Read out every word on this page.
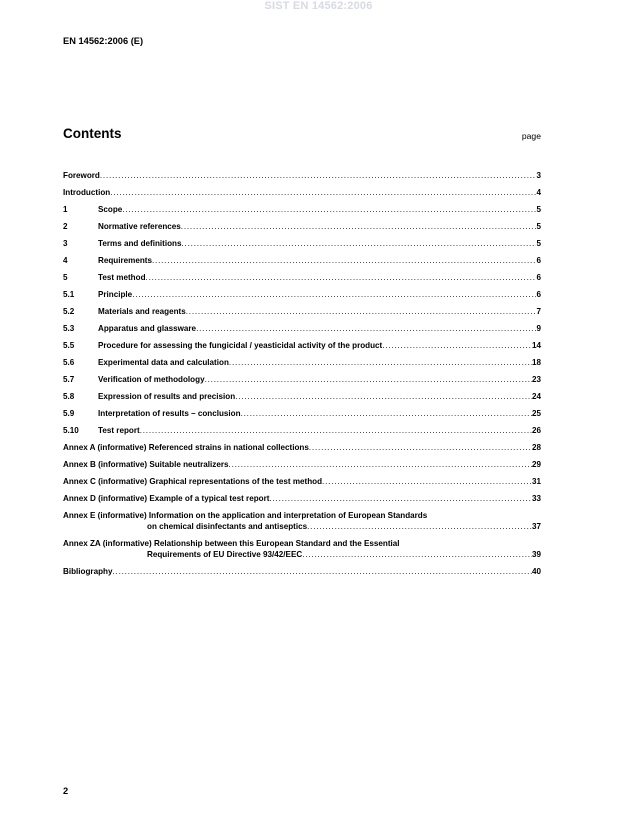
SIST EN 14562:2006
EN 14562:2006 (E)
Contents	page
Foreword .....	3
Introduction .....	4
1	Scope .....	5
2	Normative references .....	5
3	Terms and definitions .....	5
4	Requirements .....	6
5	Test method .....	6
5.1	Principle .....	6
5.2	Materials and reagents .....	7
5.3	Apparatus and glassware .....	9
5.5	Procedure for assessing the fungicidal / yeasticidal activity of the product .....	14
5.6	Experimental data and calculation .....	18
5.7	Verification of methodology .....	23
5.8	Expression of results and precision .....	24
5.9	Interpretation of results – conclusion .....	25
5.10	Test report .....	26
Annex A (informative) Referenced strains in national collections .....	28
Annex B (informative) Suitable neutralizers .....	29
Annex C (informative) Graphical representations of the test method .....	31
Annex D (informative) Example of a typical test report .....	33
Annex E (informative) Information on the application and interpretation of European Standards
on chemical disinfectants and antiseptics .....	37
Annex ZA (informative) Relationship between this European Standard and the Essential
Requirements of EU Directive 93/42/EEC .....	39
Bibliography .....	40
2
